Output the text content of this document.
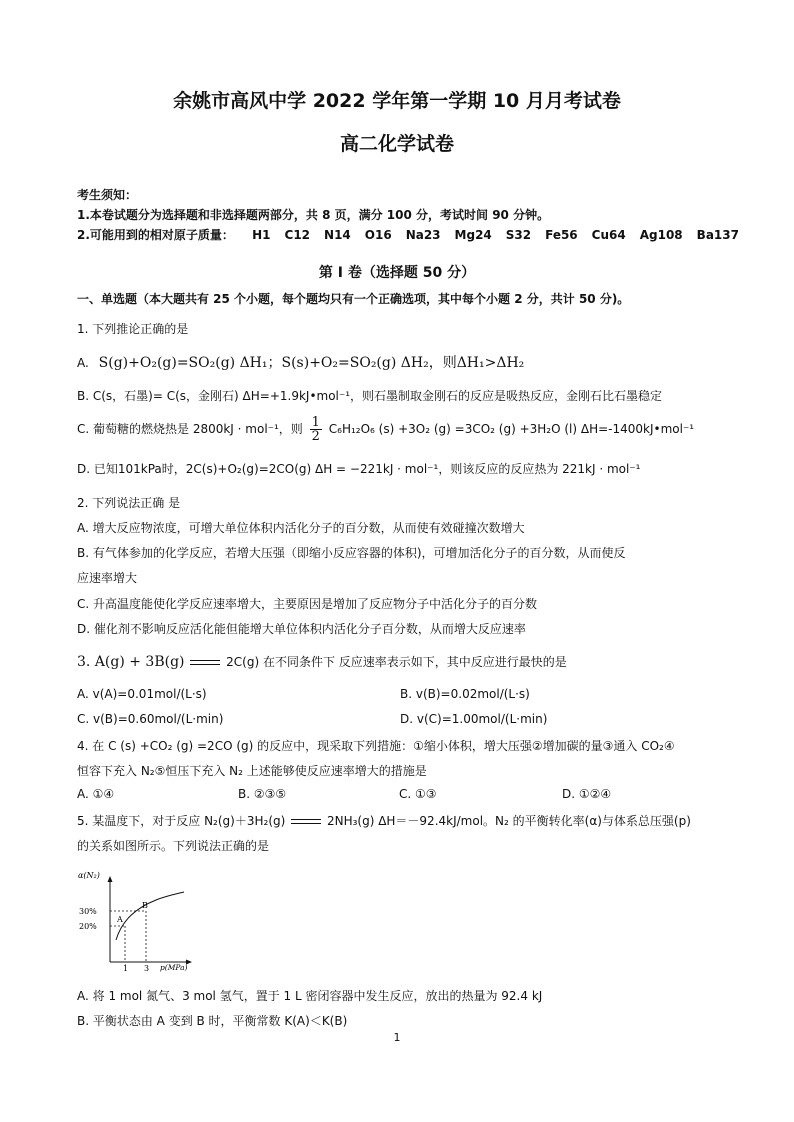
余姚市高风中学 2022 学年第一学期 10 月月考试卷
高二化学试卷
考生须知：
1.本卷试题分为选择题和非选择题两部分，共 8 页，满分 100 分，考试时间 90 分钟。
2.可能用到的相对原子质量： H1 C12 N14 O16 Na23 Mg24 S32 Fe56 Cu64 Ag108 Ba137
第 I 卷（选择题 50 分）
一、单选题（本大题共有 25 个小题，每个题均只有一个正确选项，其中每个小题 2 分，共计 50 分)。
1. 下列推论正确的是
A. S(g)+O₂(g)=SO₂(g) ΔH₁；S(s)+O₂=SO₂(g) ΔH₂，则ΔH₁>ΔH₂
B. C(s，石墨)= C(s，金刚石) ΔH=+1.9kJ•mol⁻¹，则石墨制取金刚石的反应是吸热反应，金刚石比石墨稳定
C. 葡萄糖的燃烧热是 2800kJ · mol⁻¹，则 $\frac{1}{2} C_6H_{12}O_6$ (s) +3O₂ (g) =3CO₂ (g) +3H₂O (l) ΔH=-1400kJ•mol⁻¹
D. 已知101kPa时，2C(s)+O₂(g)=2CO(g) ΔH = −221kJ · mol⁻¹，则该反应的反应热为 221kJ · mol⁻¹
2. 下列说法正确 是
A. 增大反应物浓度，可增大单位体积内活化分子的百分数，从而使有效碰撞次数增大
B. 有气体参加的化学反应，若增大压强（即缩小反应容器的体积)，可增加活化分子的百分数，从而使反
应速率增大
C. 升高温度能使化学反应速率增大，主要原因是增加了反应物分子中活化分子的百分数
D. 催化剂不影响反应活化能但能增大单位体积内活化分子百分数，从而增大反应速率
3. A(g) + 3B(g)	2C(g) 在不同条件下 反应速率表示如下，其中反应进行最快的是
A. v(A)=0.01mol/(L·s)	B. v(B)=0.02mol/(L·s)
C. v(B)=0.60mol/(L·min)	D. v(C)=1.00mol/(L·min)
4. 在 C (s) +CO₂ (g) =2CO (g) 的反应中，现采取下列措施：①缩小体积，增大压强②增加碳的量③通入 CO₂④
恒容下充入 N₂⑤恒压下充入 N₂ 上述能够使反应速率增大的措施是
A. ①④	B. ②③⑤	C. ①③	D. ①②④
5. 某温度下，对于反应 N₂(g)＋3H₂(g)	2NH₃(g) ΔH＝－92.4kJ/mol。N₂ 的平衡转化率(α)与体系总压强(p)
的关系如图所示。下列说法正确的是
α(N₂)
30%
20%
1 3 p(MPa)
A
B
A. 将 1 mol 氮气、3 mol 氢气，置于 1 L 密闭容器中发生反应，放出的热量为 92.4 kJ
B. 平衡状态由 A 变到 B 时，平衡常数 K(A)＜K(B)
1
